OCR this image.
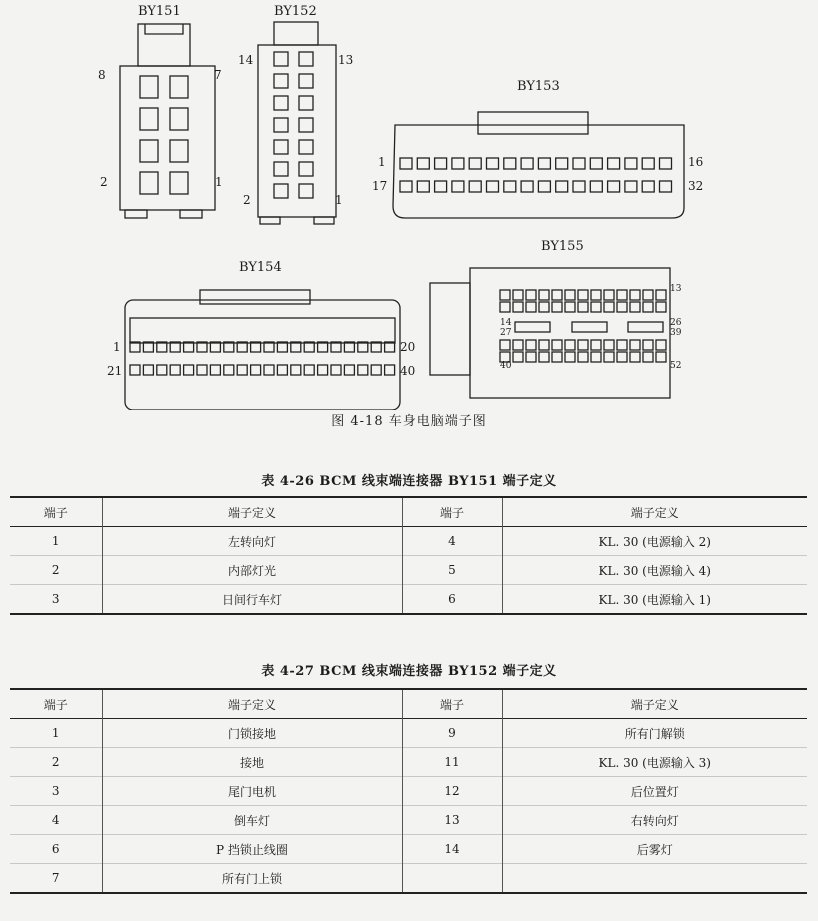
BY151
8	7
2	1
BY152
14	13
2	1
BY153
1	16
17	32
BY154
1	20
21	40
BY155
13
14	26
27	39
40	52
图 4-18 车身电脑端子图
表 4-26 BCM 线束端连接器 BY151 端子定义
端子	端子定义	端子	端子定义
1	左转向灯	4	KL. 30 (电源输入 2)
2	内部灯光	5	KL. 30 (电源输入 4)
3	日间行车灯	6	KL. 30 (电源输入 1)
表 4-27 BCM 线束端连接器 BY152 端子定义
端子	端子定义	端子	端子定义
1	门锁接地	9	所有门解锁
2	接地	11	KL. 30 (电源输入 3)
3	尾门电机	12	后位置灯
4	倒车灯	13	右转向灯
6	P 挡锁止线圈	14	后雾灯
7	所有门上锁		
